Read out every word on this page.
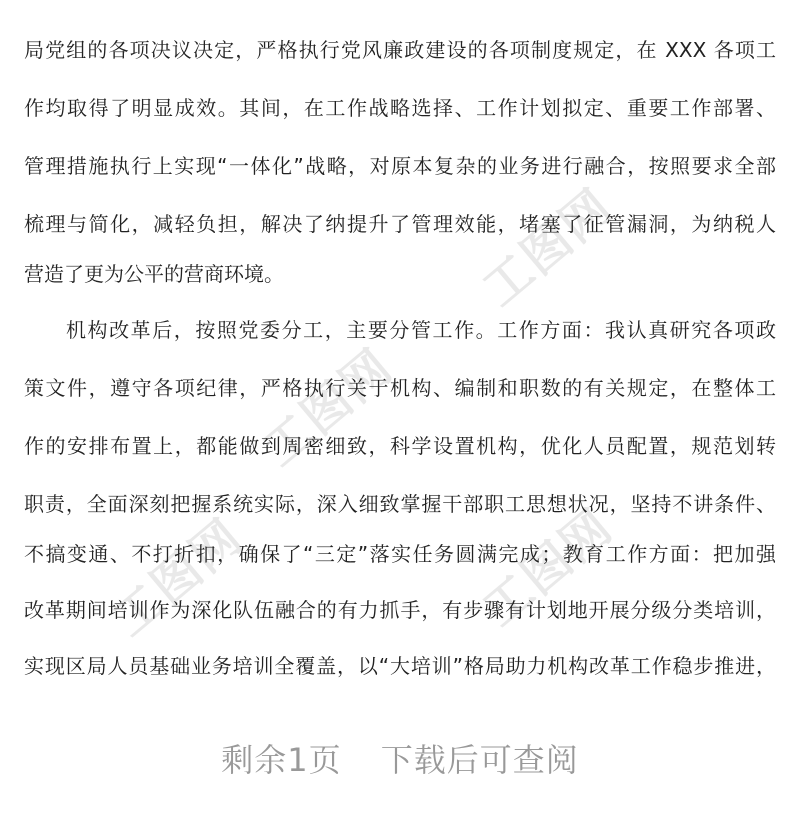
工图网
工图网
工图网
工图网

局党组的各项决议决定，严格执行党风廉政建设的各项制度规定，在 XXX 各项工
作均取得了明显成效。其间，在工作战略选择、工作计划拟定、重要工作部署、
管理措施执行上实现“一体化”战略，对原本复杂的业务进行融合，按照要求全部
梳理与简化，减轻负担，解决了纳提升了管理效能，堵塞了征管漏洞，为纳税人
营造了更为公平的营商环境。
机构改革后，按照党委分工，主要分管工作。工作方面：我认真研究各项政
策文件，遵守各项纪律，严格执行关于机构、编制和职数的有关规定，在整体工
作的安排布置上，都能做到周密细致，科学设置机构，优化人员配置，规范划转
职责，全面深刻把握系统实际，深入细致掌握干部职工思想状况，坚持不讲条件、
不搞变通、不打折扣，确保了“三定”落实任务圆满完成；教育工作方面：把加强
改革期间培训作为深化队伍融合的有力抓手，有步骤有计划地开展分级分类培训，
实现区局人员基础业务培训全覆盖，以“大培训”格局助力机构改革工作稳步推进，
剩余1页 下载后可查阅
